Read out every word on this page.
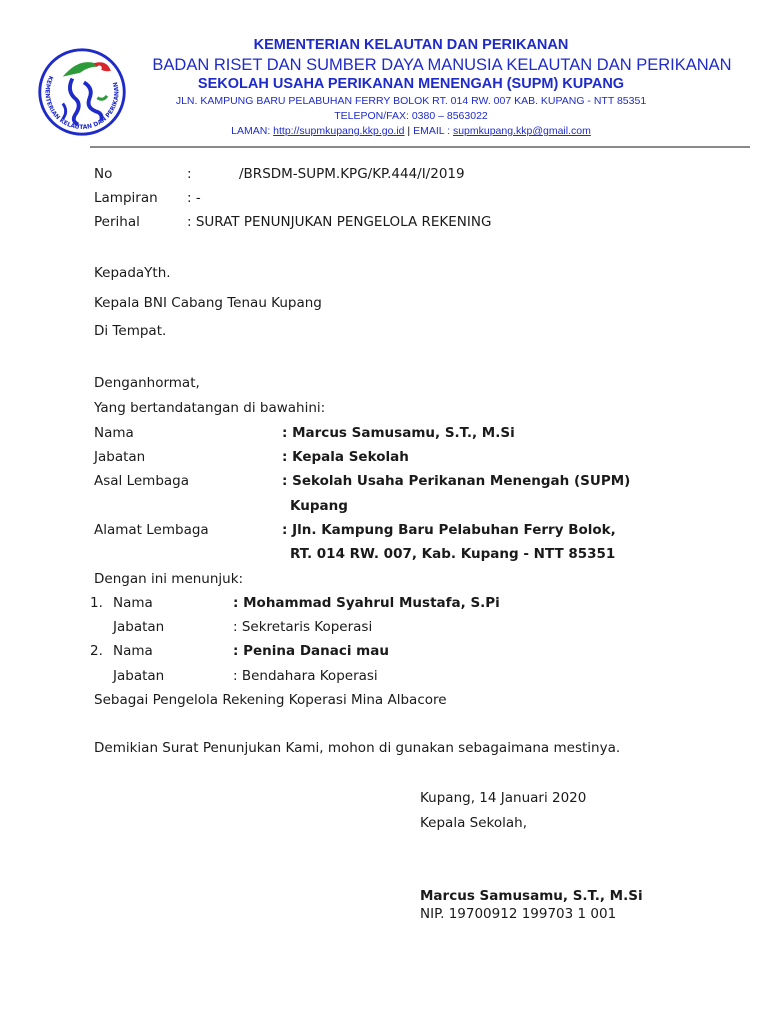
KEMENTERIAN KELAUTAN DAN PERIKANAN
KEMENTERIAN KELAUTAN DAN PERIKANAN
BADAN RISET DAN SUMBER DAYA MANUSIA KELAUTAN DAN PERIKANAN
SEKOLAH USAHA PERIKANAN MENENGAH (SUPM) KUPANG
JLN. KAMPUNG BARU PELABUHAN FERRY BOLOK RT. 014 RW. 007 KAB. KUPANG - NTT 85351
TELEPON/FAX: 0380 – 8563022
LAMAN: http://supmkupang.kkp.go.id | EMAIL : supmkupang.kkp@gmail.com
No	:	/BRSDM-SUPM.KPG/KP.444/I/2019
Lampiran : -
Perihal	: SURAT PENUNJUKAN PENGELOLA REKENING
KepadaYth.
Kepala BNI Cabang Tenau Kupang
Di Tempat.
Denganhormat,
Yang bertandatangan di bawahini:
Nama	: Marcus Samusamu, S.T., M.Si
Jabatan	: Kepala Sekolah
Asal Lembaga	: Sekolah Usaha Perikanan Menengah (SUPM)
Kupang
Alamat Lembaga	: Jln. Kampung Baru Pelabuhan Ferry Bolok,
RT. 014 RW. 007, Kab. Kupang - NTT 85351
Dengan ini menunjuk:
1. Nama	: Mohammad Syahrul Mustafa, S.Pi
Jabatan	: Sekretaris Koperasi
2. Nama	: Penina Danaci mau
Jabatan	: Bendahara Koperasi
Sebagai Pengelola Rekening Koperasi Mina Albacore
Demikian Surat Penunjukan Kami, mohon di gunakan sebagaimana mestinya.
Kupang, 14 Januari 2020
Kepala Sekolah,
Marcus Samusamu, S.T., M.Si
NIP. 19700912 199703 1 001
